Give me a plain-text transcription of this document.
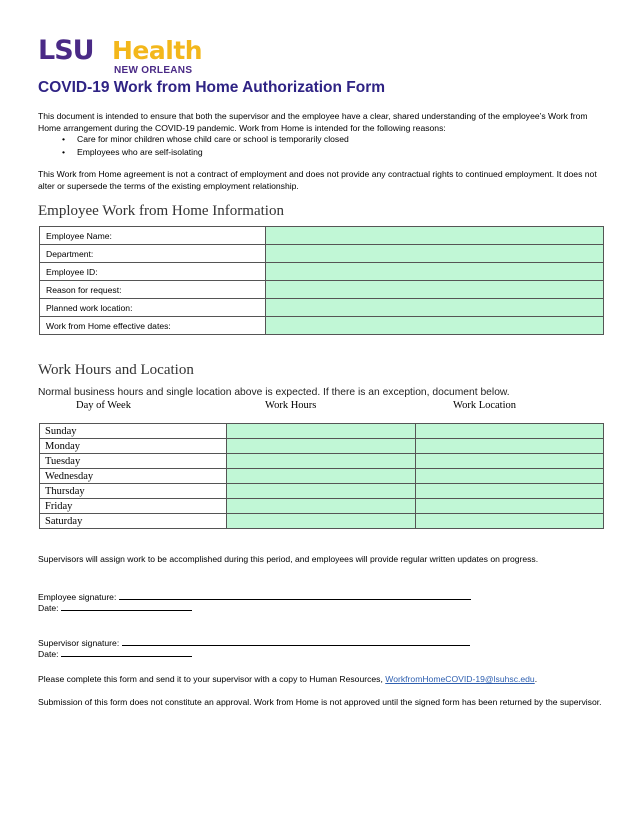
LSU Health
NEW ORLEANS
COVID-19 Work from Home Authorization Form
This document is intended to ensure that both the supervisor and the employee have a clear, shared understanding of the employee’s Work from Home arrangement during the COVID-19 pandemic. Work from Home is intended for the following reasons:
• Care for minor children whose child care or school is temporarily closed
• Employees who are self-isolating
This Work from Home agreement is not a contract of employment and does not provide any contractual rights to continued employment. It does not alter or supersede the terms of the existing employment relationship.
Employee Work from Home Information
Employee Name:	
Department:	
Employee ID:	
Reason for request:	
Planned work location:	
Work from Home effective dates:	
Work Hours and Location
Normal business hours and single location above is expected. If there is an exception, document below.
Day of Week	Work Hours	Work Location
Sunday		
Monday		
Tuesday		
Wednesday		
Thursday		
Friday		
Saturday		
Supervisors will assign work to be accomplished during this period, and employees will provide regular written updates on progress.
Employee signature:
Date:
Supervisor signature:
Date:
Please complete this form and send it to your supervisor with a copy to Human Resources, WorkfromHomeCOVID-19@lsuhsc.edu.
Submission of this form does not constitute an approval. Work from Home is not approved until the signed form has been returned by the supervisor.
